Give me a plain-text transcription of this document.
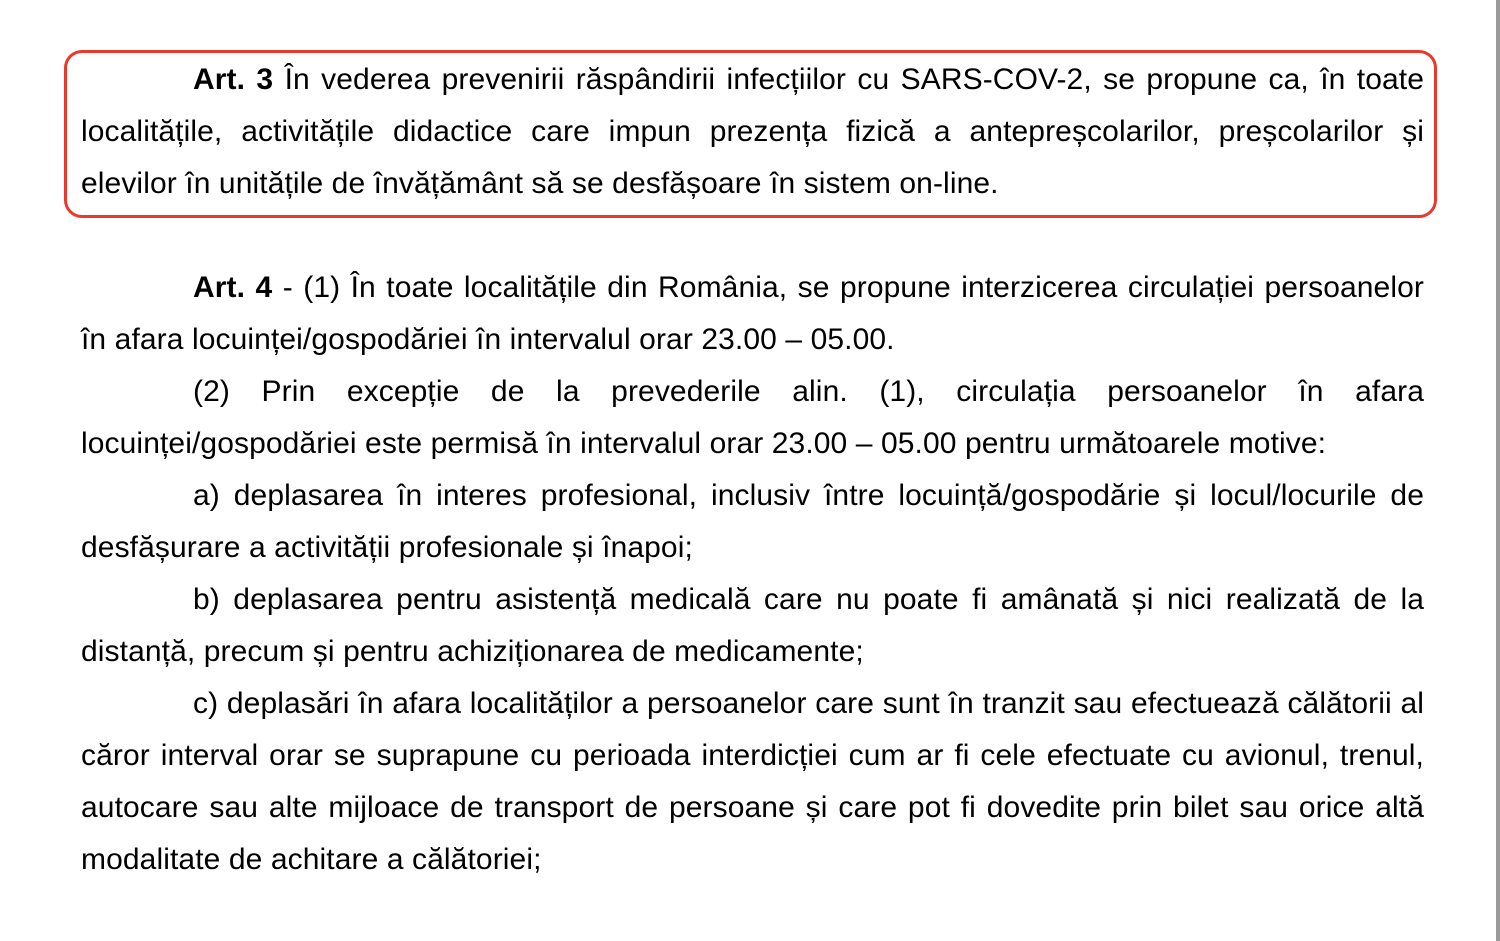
Art. 3 În vederea prevenirii răspândirii infecțiilor cu SARS-COV-2, se propune ca, în toate localitățile, activitățile didactice care impun prezența fizică a antepreșcolarilor, preșcolarilor și elevilor în unitățile de învățământ să se desfășoare în sistem on-line.

Art. 4 - (1) În toate localitățile din România, se propune interzicerea circulației persoanelor în afara locuinței/gospodăriei în intervalul orar 23.00 – 05.00.

(2) Prin excepție de la prevederile alin. (1), circulația persoanelor în afara locuinței/gospodăriei este permisă în intervalul orar 23.00 – 05.00 pentru următoarele motive:

a) deplasarea în interes profesional, inclusiv între locuință/gospodărie și locul/locurile de desfășurare a activității profesionale și înapoi;

b) deplasarea pentru asistență medicală care nu poate fi amânată și nici realizată de la distanță, precum și pentru achiziționarea de medicamente;

c) deplasări în afara localităților a persoanelor care sunt în tranzit sau efectuează călătorii al căror interval orar se suprapune cu perioada interdicției cum ar fi cele efectuate cu avionul, trenul, autocare sau alte mijloace de transport de persoane și care pot fi dovedite prin bilet sau orice altă modalitate de achitare a călătoriei;
